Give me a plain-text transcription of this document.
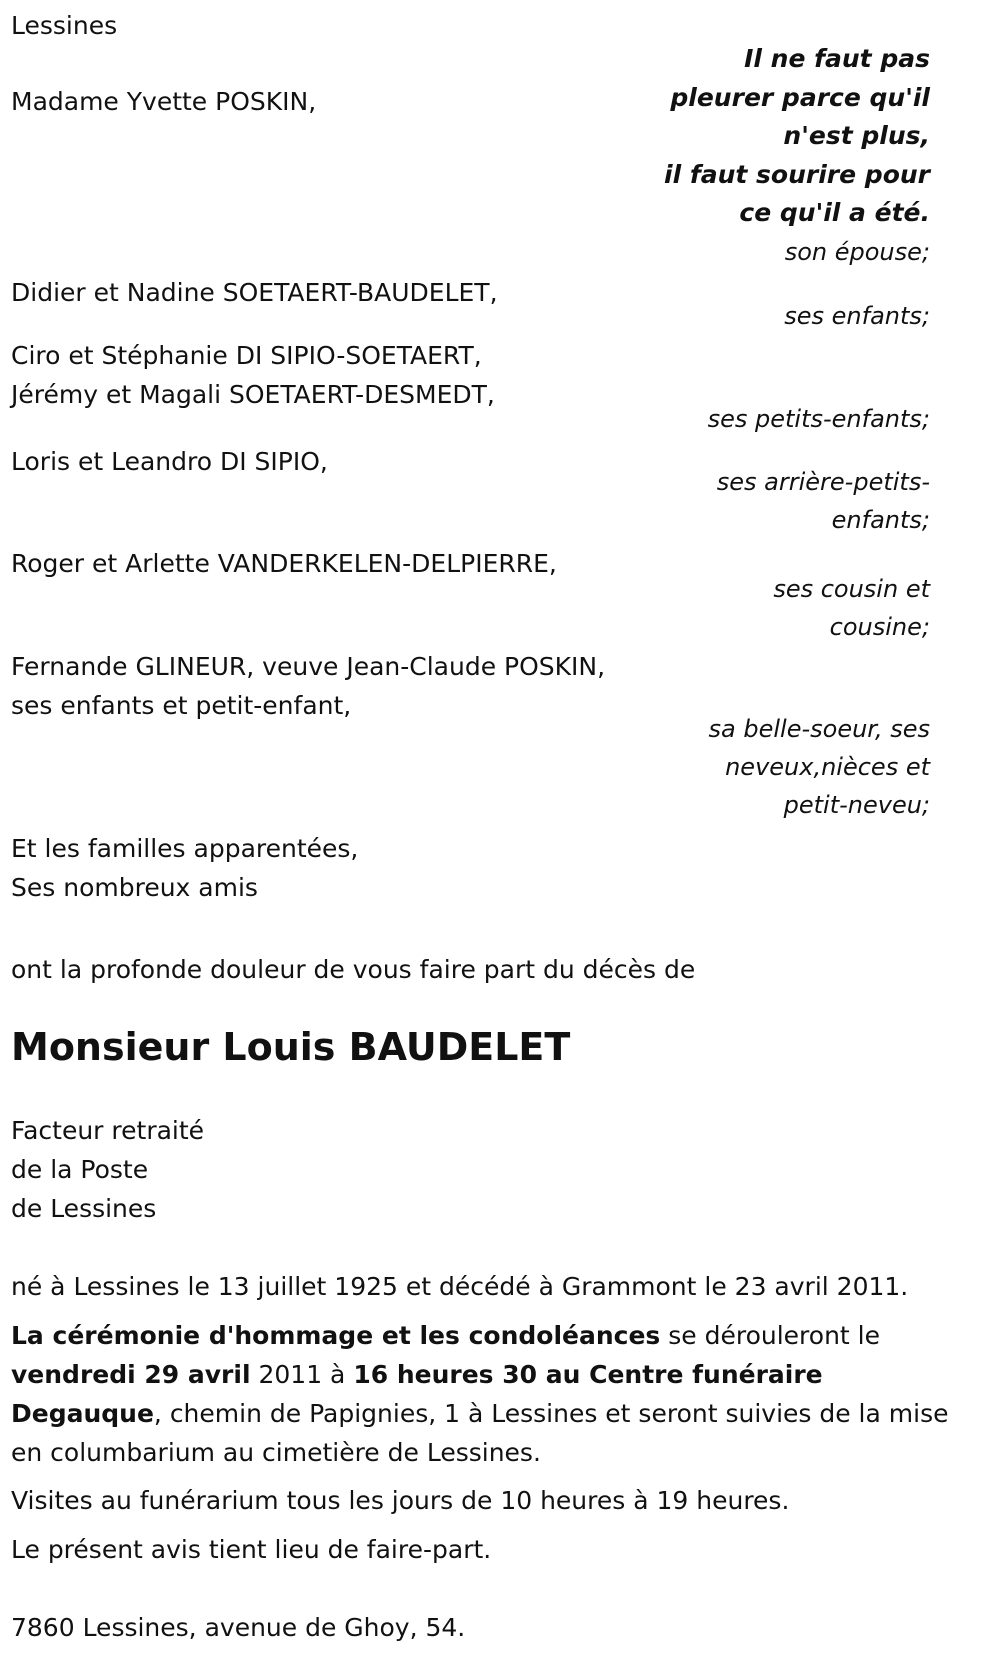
Lessines
Il ne faut pas
pleurer parce qu'il
n'est plus,
il faut sourire pour
ce qu'il a été.
Madame Yvette POSKIN,
son épouse;
Didier et Nadine SOETAERT-BAUDELET,
ses enfants;
Ciro et Stéphanie DI SIPIO-SOETAERT,
Jérémy et Magali SOETAERT-DESMEDT,
ses petits-enfants;
Loris et Leandro DI SIPIO,
ses arrière-petits-
enfants;
Roger et Arlette VANDERKELEN-DELPIERRE,
ses cousin et
cousine;
Fernande GLINEUR, veuve Jean-Claude POSKIN,
ses enfants et petit-enfant,
sa belle-soeur, ses
neveux,nièces et
petit-neveu;
Et les familles apparentées,
Ses nombreux amis
ont la profonde douleur de vous faire part du décès de
Monsieur Louis BAUDELET
Facteur retraité
de la Poste
de Lessines
né à Lessines le 13 juillet 1925 et décédé à Grammont le 23 avril 2011.
La cérémonie d'hommage et les condoléances se dérouleront le vendredi 29 avril 2011 à 16 heures 30 au Centre funéraire Degauque, chemin de Papignies, 1 à Lessines et seront suivies de la mise en columbarium au cimetière de Lessines.
Visites au funérarium tous les jours de 10 heures à 19 heures.
Le présent avis tient lieu de faire-part.
7860 Lessines, avenue de Ghoy, 54.
